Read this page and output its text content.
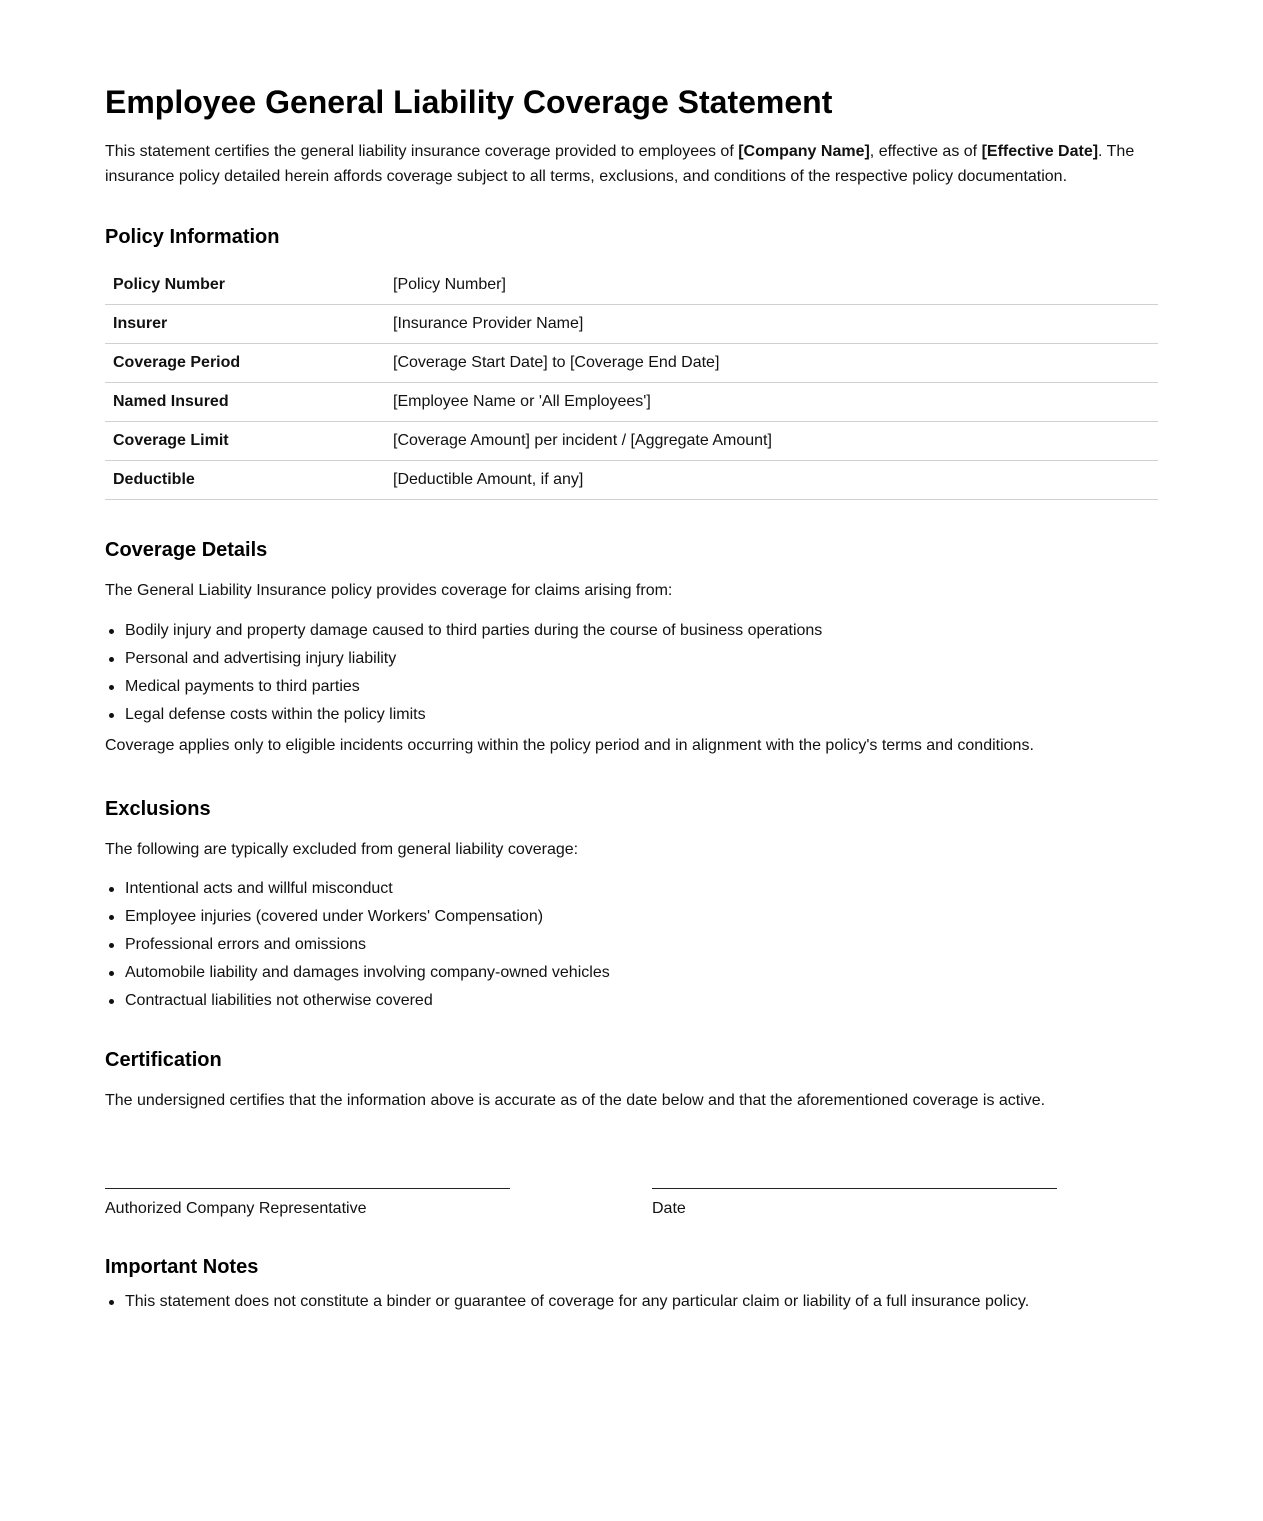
Employee General Liability Coverage Statement

This statement certifies the general liability insurance coverage provided to employees of [Company Name], effective as of [Effective Date]. The insurance policy detailed herein affords coverage subject to all terms, exclusions, and conditions of the respective policy documentation.

Policy Information
Policy Number	[Policy Number]
Insurer	[Insurance Provider Name]
Coverage Period	[Coverage Start Date] to [Coverage End Date]
Named Insured	[Employee Name or 'All Employees']
Coverage Limit	[Coverage Amount] per incident / [Aggregate Amount]
Deductible	[Deductible Amount, if any]
Coverage Details

The General Liability Insurance policy provides coverage for claims arising from:

Bodily injury and property damage caused to third parties during the course of business operations
Personal and advertising injury liability
Medical payments to third parties
Legal defense costs within the policy limits

Coverage applies only to eligible incidents occurring within the policy period and in alignment with the policy's terms and conditions.

Exclusions

The following are typically excluded from general liability coverage:

Intentional acts and willful misconduct
Employee injuries (covered under Workers' Compensation)
Professional errors and omissions
Automobile liability and damages involving company-owned vehicles
Contractual liabilities not otherwise covered
Certification

The undersigned certifies that the information above is accurate as of the date below and that the aforementioned coverage is active.

Authorized Company Representative	Date
Important Notes
This statement does not constitute a binder or guarantee of coverage for any particular claim or liability of a full insurance policy.
